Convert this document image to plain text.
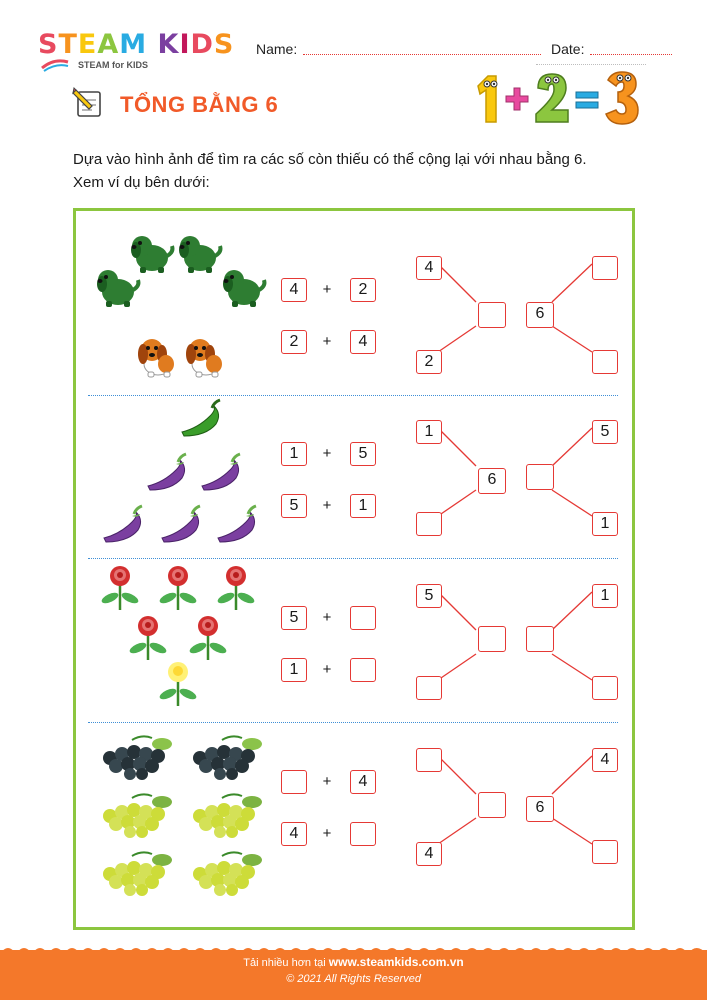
STEAM KIDS
STEAM for KIDS
Name:	Date:
TỔNG BẰNG 6
Dựa vào hình ảnh để tìm ra các số còn thiếu có thể cộng lại với nhau bằng 6.
Xem ví dụ bên dưới:
4	+	2
2	+	4
4
2
6
1	+	5
5	+	1
1
6
5
1
5	+
1	+
5	1
+	4
4	+
4
6
4
Tải nhiều hơn tại www.steamkids.com.vn
© 2021 All Rights Reserved
